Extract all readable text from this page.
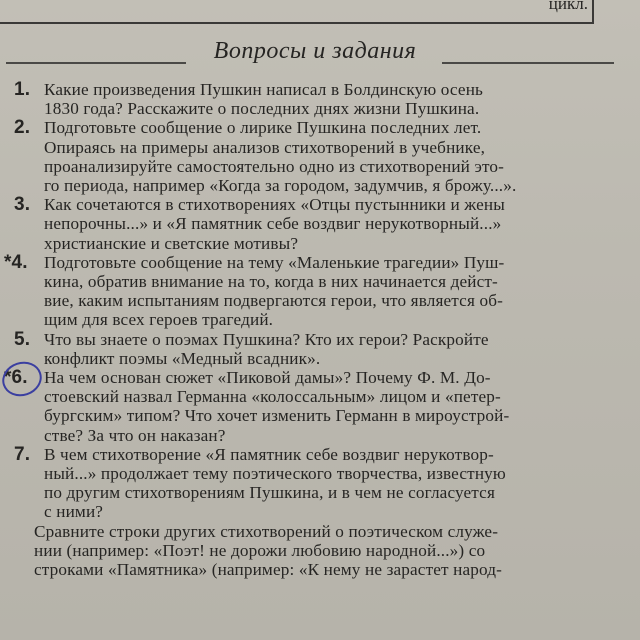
цикл.
Вопросы и задания
1. Какие произведения Пушкин написал в Болдинскую осень
1830 года? Расскажите о последних днях жизни Пушкина.
2. Подготовьте сообщение о лирике Пушкина последних лет.
Опираясь на примеры анализов стихотворений в учебнике,
проанализируйте самостоятельно одно из стихотворений это-
го периода, например «Когда за городом, задумчив, я брожу...».
3. Как сочетаются в стихотворениях «Отцы пустынники и жены
непорочны...» и «Я памятник себе воздвиг нерукотворный...»
христианские и светские мотивы?
*4. Подготовьте сообщение на тему «Маленькие трагедии» Пуш-
кина, обратив внимание на то, когда в них начинается дейст-
вие, каким испытаниям подвергаются герои, что является об-
щим для всех героев трагедий.
5. Что вы знаете о поэмах Пушкина? Кто их герои? Раскройте
конфликт поэмы «Медный всадник».
*6. На чем основан сюжет «Пиковой дамы»? Почему Ф. М. До-
стоевский назвал Германна «колоссальным» лицом и «петер-
бургским» типом? Что хочет изменить Германн в мироустрой-
стве? За что он наказан?
7. В чем стихотворение «Я памятник себе воздвиг нерукотвор-
ный...» продолжает тему поэтического творчества, известную
по другим стихотворениям Пушкина, и в чем не согласуется
с ними?
Сравните строки других стихотворений о поэтическом служе-
нии (например: «Поэт! не дорожи любовию народной...») со
строками «Памятника» (например: «К нему не зарастет народ-
